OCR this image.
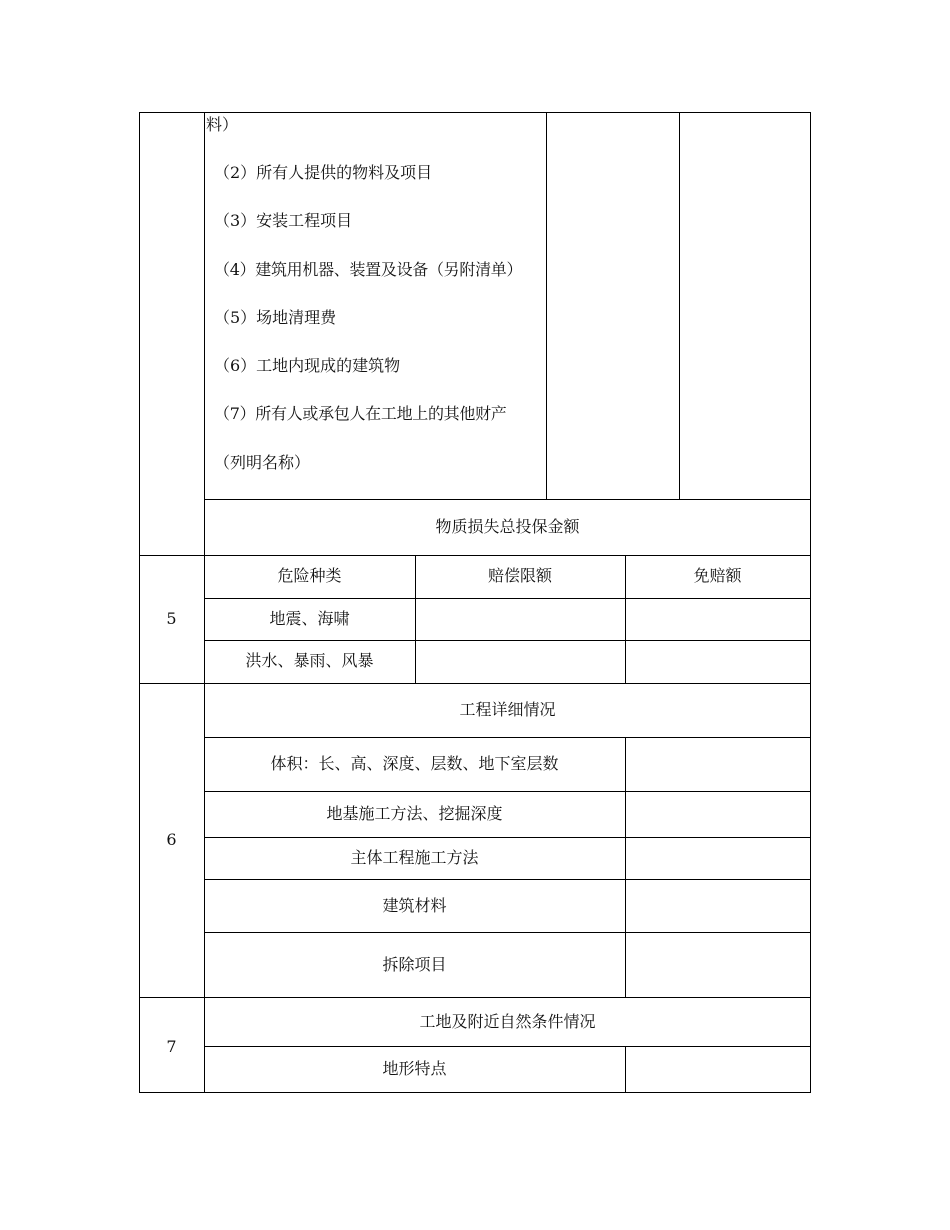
料）
（2）所有人提供的物料及项目
（3）安装工程项目
（4）建筑用机器、装置及设备（另附清单）
（5）场地清理费
（6）工地内现成的建筑物
（7）所有人或承包人在工地上的其他财产
（列明名称）
物质损失总投保金额
5
危险种类	赔偿限额	免赔额
地震、海啸
洪水、暴雨、风暴
6
工程详细情况
体积：长、高、深度、层数、地下室层数
地基施工方法、挖掘深度
主体工程施工方法
建筑材料
拆除项目
7
工地及附近自然条件情况
地形特点
